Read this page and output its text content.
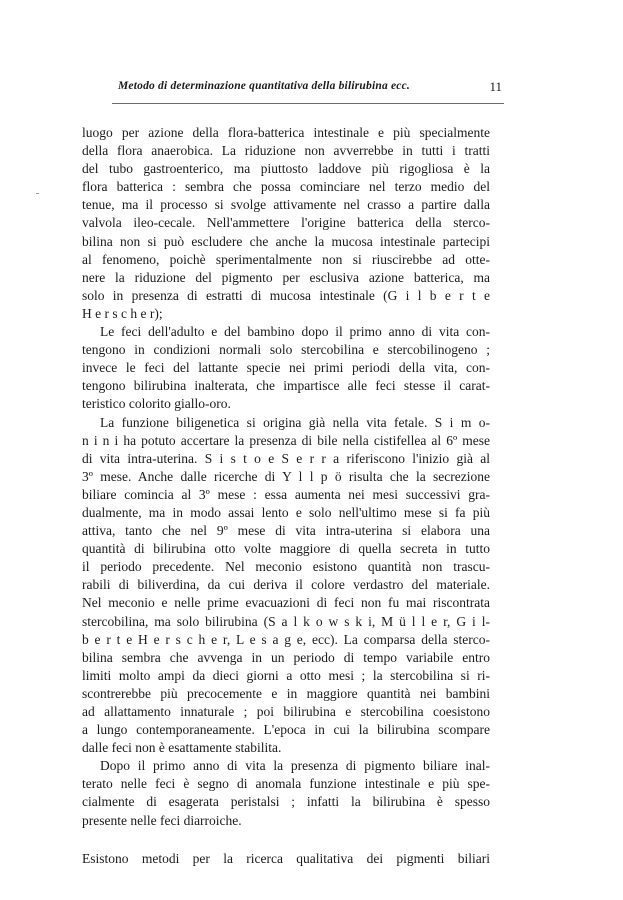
Metodo di determinazione quantitativa della bilirubina ecc.	11
luogo per azione della flora-batterica intestinale e più specialmente
della flora anaerobica. La riduzione non avverrebbe in tutti i tratti
del tubo gastroenterico, ma piuttosto laddove più rigogliosa è la
flora batterica : sembra che possa cominciare nel terzo medio del
tenue, ma il processo si svolge attivamente nel crasso a partire dalla
valvola ileo-cecale. Nell'ammettere l'origine batterica della sterco-
bilina non si può escludere che anche la mucosa intestinale partecipi
al fenomeno, poichè sperimentalmente non si riuscirebbe ad otte-
nere la riduzione del pigmento per esclusiva azione batterica, ma
solo in presenza di estratti di mucosa intestinale (G i l b e r t e
H e r s c h e r);
Le feci dell'adulto e del bambino dopo il primo anno di vita con-
tengono in condizioni normali solo stercobilina e stercobilinogeno ;
invece le feci del lattante specie nei primi periodi della vita, con-
tengono bilirubina inalterata, che impartisce alle feci stesse il carat-
teristico colorito giallo-oro.
La funzione biligenetica si origina già nella vita fetale. S i m o-
n i n i ha potuto accertare la presenza di bile nella cistifellea al 6º mese
di vita intra-uterina. S i s t o e S e r r a riferiscono l'inizio già al
3º mese. Anche dalle ricerche di Y l l p ö risulta che la secrezione
biliare comincia al 3º mese : essa aumenta nei mesi successivi gra-
dualmente, ma in modo assai lento e solo nell'ultimo mese si fa più
attiva, tanto che nel 9º mese di vita intra-uterina si elabora una
quantità di bilirubina otto volte maggiore di quella secreta in tutto
il periodo precedente. Nel meconio esistono quantità non trascu-
rabili di biliverdina, da cui deriva il colore verdastro del materiale.
Nel meconio e nelle prime evacuazioni di feci non fu mai riscontrata
stercobilina, ma solo bilirubina (S a l k o w s k i, M ü l l e r, G i l-
b e r t e H e r s c h e r, L e s a g e, ecc). La comparsa della sterco-
bilina sembra che avvenga in un periodo di tempo variabile entro
limiti molto ampi da dieci giorni a otto mesi ; la stercobilina si ri-
scontrerebbe più precocemente e in maggiore quantità nei bambini
ad allattamento innaturale ; poi bilirubina e stercobilina coesistono
a lungo contemporaneamente. L'epoca in cui la bilirubina scompare
dalle feci non è esattamente stabilita.
Dopo il primo anno di vita la presenza di pigmento biliare inal-
terato nelle feci è segno di anomala funzione intestinale e più spe-
cialmente di esagerata peristalsi ; infatti la bilirubina è spesso
presente nelle feci diarroiche.
Esistono metodi per la ricerca qualitativa dei pigmenti biliari
